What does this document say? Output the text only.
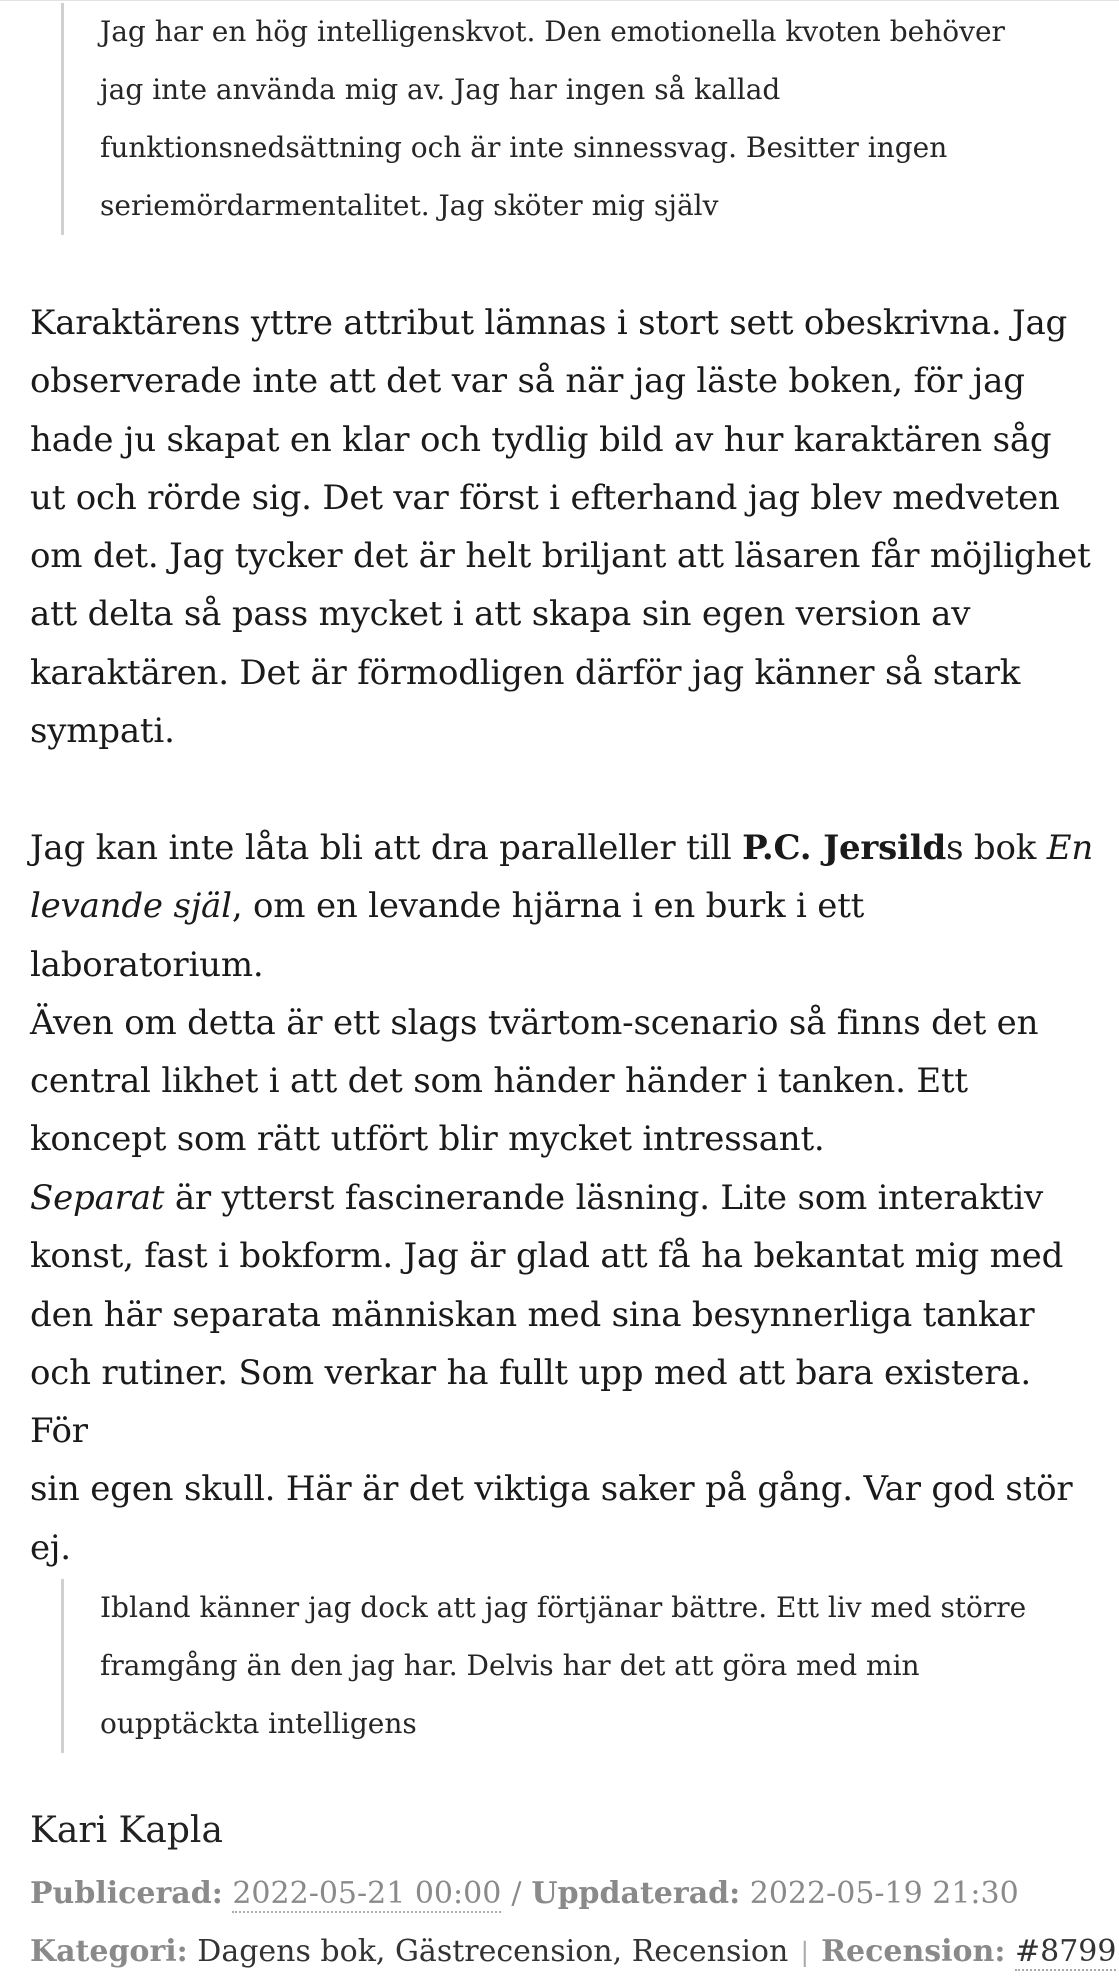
Jag har en hög intelligenskvot. Den emotionella kvoten behöver
jag inte använda mig av. Jag har ingen så kallad
funktionsnedsättning och är inte sinnessvag. Besitter ingen
seriemördarmentalitet. Jag sköter mig själv

Karaktärens yttre attribut lämnas i stort sett obeskrivna. Jag
observerade inte att det var så när jag läste boken, för jag
hade ju skapat en klar och tydlig bild av hur karaktären såg
ut och rörde sig. Det var först i efterhand jag blev medveten
om det. Jag tycker det är helt briljant att läsaren får möjlighet
att delta så pass mycket i att skapa sin egen version av
karaktären. Det är förmodligen därför jag känner så stark
sympati.

Jag kan inte låta bli att dra paralleller till P.C. Jersilds bok En
levande själ, om en levande hjärna i en burk i ett laboratorium.
Även om detta är ett slags tvärtom-scenario så finns det en
central likhet i att det som händer händer i tanken. Ett
koncept som rätt utfört blir mycket intressant.

Separat är ytterst fascinerande läsning. Lite som interaktiv
konst, fast i bokform. Jag är glad att få ha bekantat mig med
den här separata människan med sina besynnerliga tankar
och rutiner. Som verkar ha fullt upp med att bara existera. För
sin egen skull. Här är det viktiga saker på gång. Var god stör
ej.

Ibland känner jag dock att jag förtjänar bättre. Ett liv med större
framgång än den jag har. Delvis har det att göra med min
oupptäckta intelligens
Kari Kapla
Publicerad: 2022-05-21 00:00 / Uppdaterad: 2022-05-19 21:30
Kategori: Dagens bok, Gästrecension, Recension | Recension: #8799
